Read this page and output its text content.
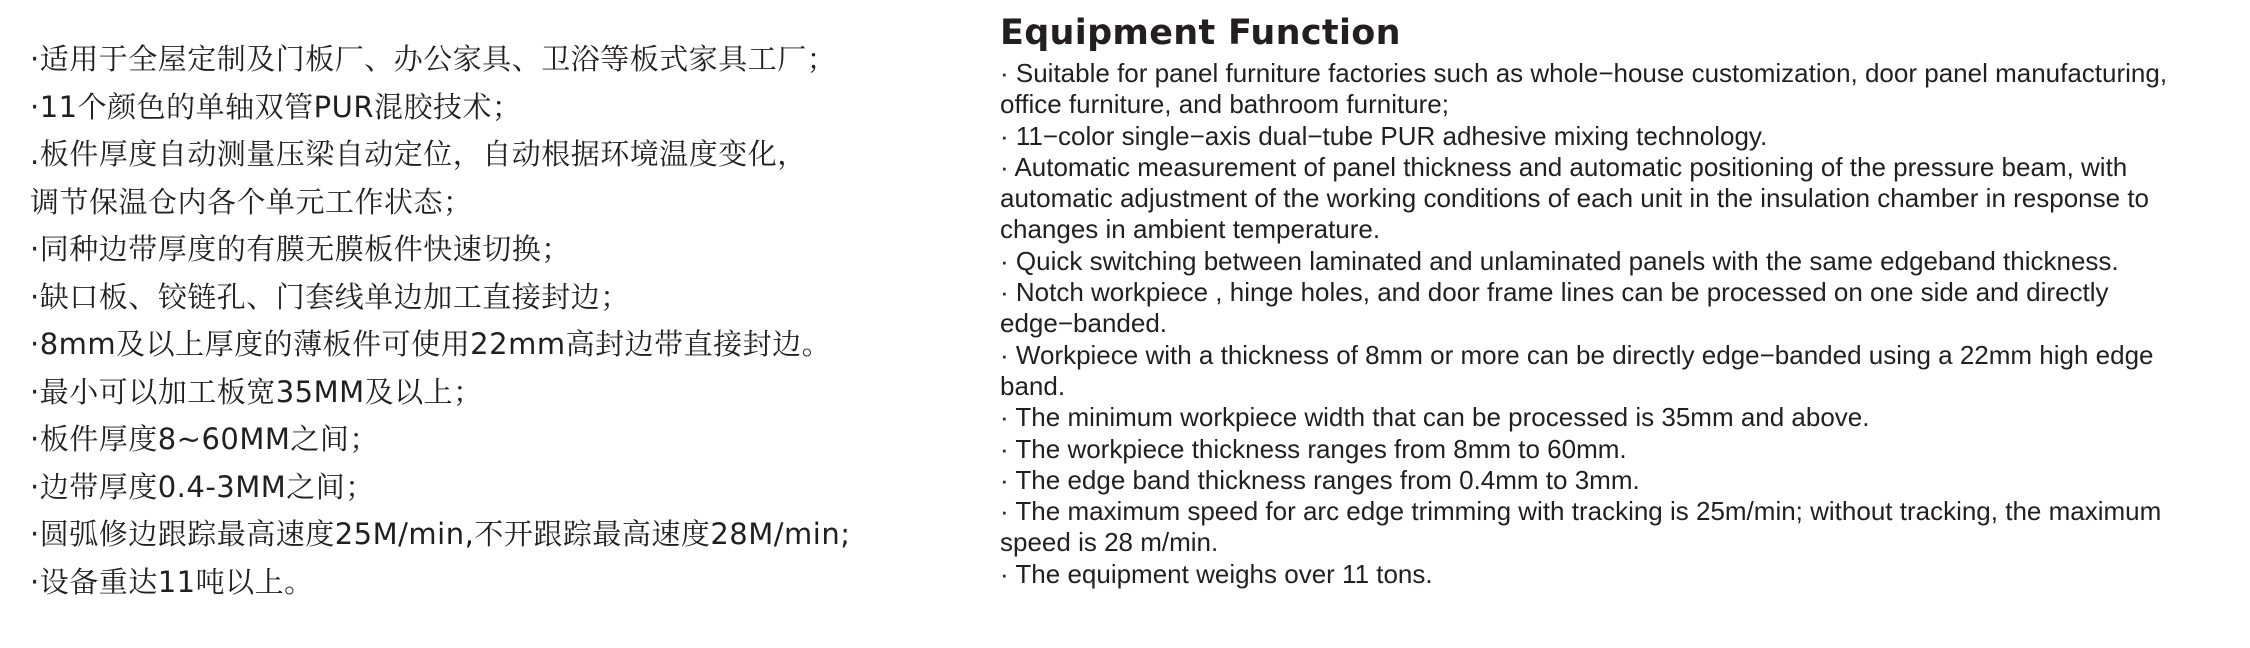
·适用于全屋定制及门板厂、办公家具、卫浴等板式家具工厂；
·11个颜色的单轴双管PUR混胶技术；
.板件厚度自动测量压梁自动定位，自动根据环境温度变化，
调节保温仓内各个单元工作状态；
·同种边带厚度的有膜无膜板件快速切换；
·缺口板、铰链孔、门套线单边加工直接封边；
·8mm及以上厚度的薄板件可使用22mm高封边带直接封边。
·最小可以加工板宽35MM及以上；
·板件厚度8~60MM之间；
·边带厚度0.4-3MM之间；
·圆弧修边跟踪最高速度25M/min,不开跟踪最高速度28M/min;
·设备重达11吨以上。
Equipment Function
· Suitable for panel furniture factories such as whole−house customization, door panel manufacturing,
office furniture, and bathroom furniture;
· 11−color single−axis dual−tube PUR adhesive mixing technology.
· Automatic measurement of panel thickness and automatic positioning of the pressure beam, with
automatic adjustment of the working conditions of each unit in the insulation chamber in response to
changes in ambient temperature.
· Quick switching between laminated and unlaminated panels with the same edgeband thickness.
· Notch workpiece , hinge holes, and door frame lines can be processed on one side and directly
edge−banded.
· Workpiece with a thickness of 8mm or more can be directly edge−banded using a 22mm high edge
band.
· The minimum workpiece width that can be processed is 35mm and above.
· The workpiece thickness ranges from 8mm to 60mm.
· The edge band thickness ranges from 0.4mm to 3mm.
· The maximum speed for arc edge trimming with tracking is 25m/min; without tracking, the maximum
speed is 28 m/min.
· The equipment weighs over 11 tons.
